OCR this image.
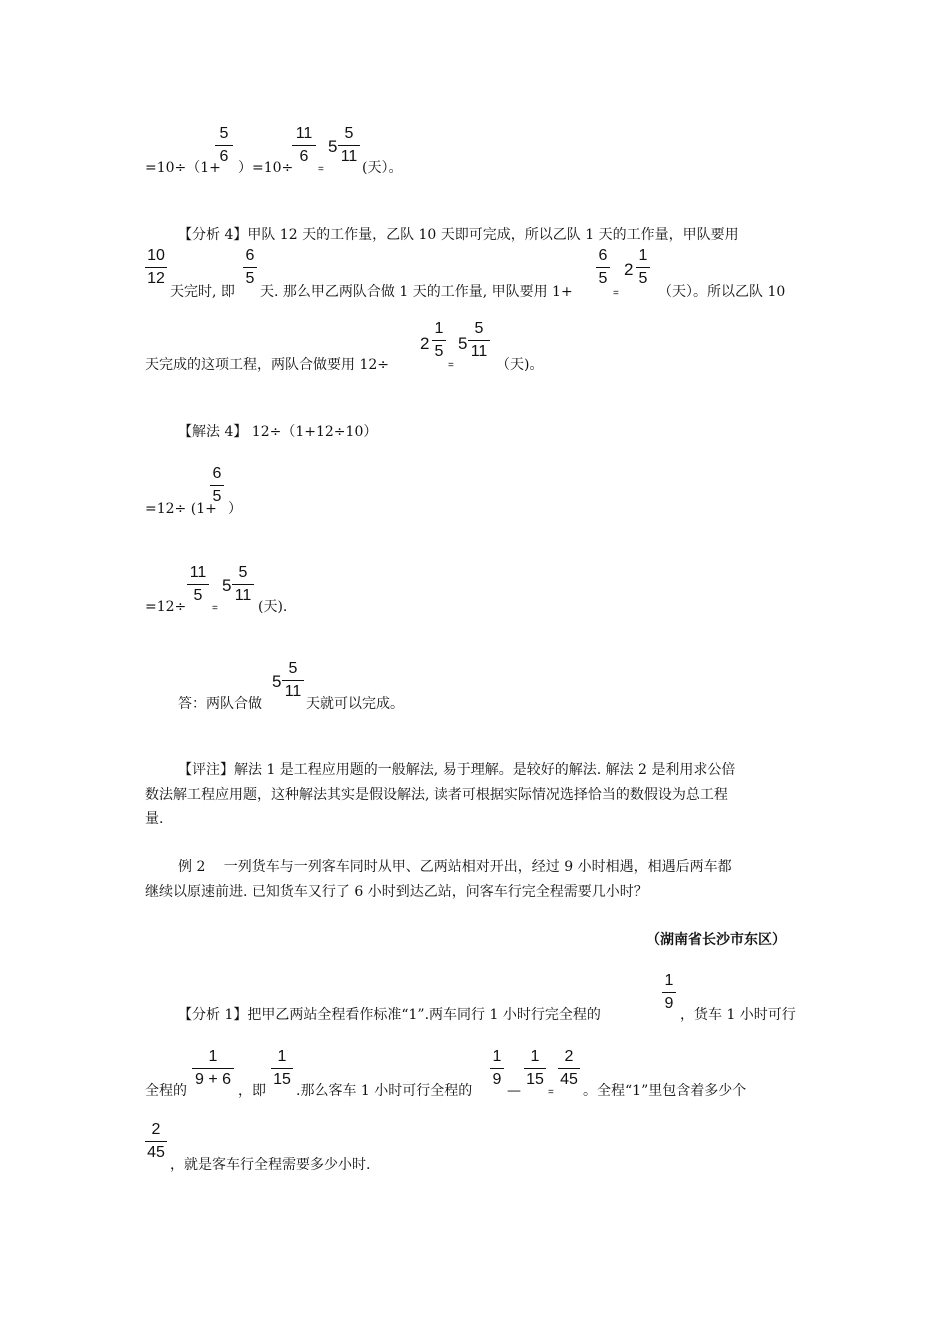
=10÷（1+
5
6
）=10÷
11
6
=
5
5
11
(天）。
【分析 4】甲队 12 天的工作量，乙队 10 天即可完成，所以乙队 1 天的工作量，甲队要用
10
12
天完时, 即
6
5
天. 那么甲乙两队合做 1 天的工作量, 甲队要用 1+
6
5
=
2
1
5
（天）。所以乙队 10
天完成的这项工程，两队合做要用 12÷
2
1
5
=
5
5
11
（天)。
【解法 4】 12÷（1+12÷10）
=12÷ (1+
6
5
）
=12÷
11
5
=
5
5
11
(天).
答：两队合做
5
5
11
天就可以完成。
【评注】解法 1 是工程应用题的一般解法, 易于理解。是较好的解法. 解法 2 是利用求公倍
数法解工程应用题，这种解法其实是假设解法, 读者可根据实际情况选择恰当的数假设为总工程
量.
例 2　 一列货车与一列客车同时从甲、乙两站相对开出，经过 9 小时相遇，相遇后两车都
继续以原速前进. 已知货车又行了 6 小时到达乙站，问客车行完全程需要几小时？
（湖南省长沙市东区）
【分析 1】把甲乙两站全程看作标准“1”.两车同行 1 小时行完全程的
1
9
，货车 1 小时可行
全程的
1
9 + 6
，即
1
15
.那么客车 1 小时可行全程的
1
9
—
1
15
=
2
45
。全程“1”里包含着多少个
2
45
，就是客车行全程需要多少小时.
